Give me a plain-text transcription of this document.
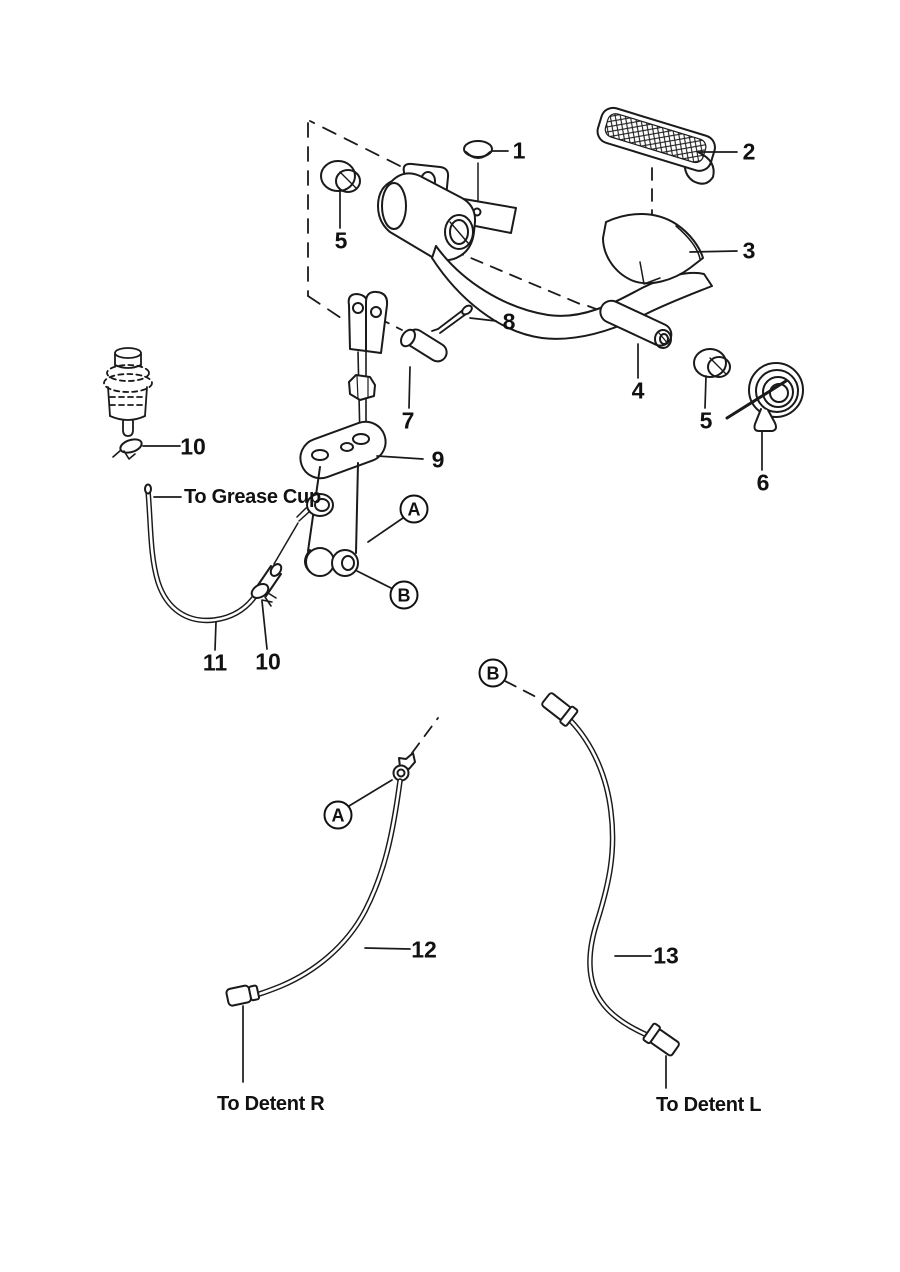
1	2
3
4
5
5
6
7
8
9
10
10
11
12	13
A
B
A
B
To Grease Cup
To Detent R	To Detent L
